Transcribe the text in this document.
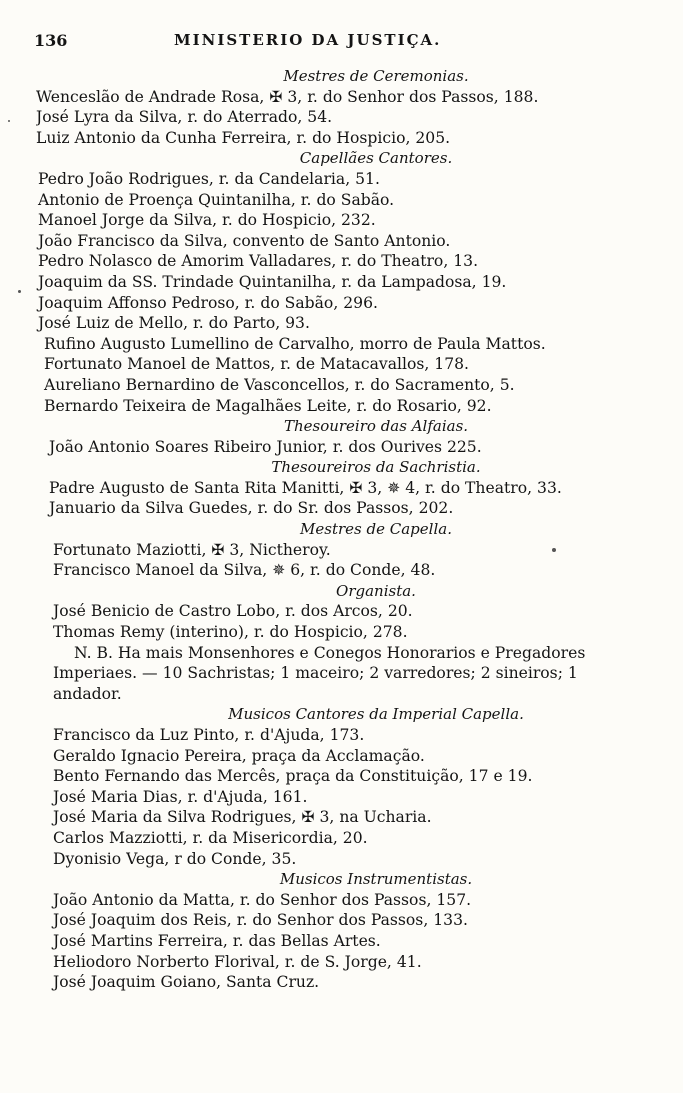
136	MINISTERIO DA JUSTIÇA.
Mestres de Ceremonias.
Wenceslão de Andrade Rosa, ✠ 3, r. do Senhor dos Passos, 188.
José Lyra da Silva, r. do Aterrado, 54.
Luiz Antonio da Cunha Ferreira, r. do Hospicio, 205.
Capellães Cantores.
Pedro João Rodrigues, r. da Candelaria, 51.
Antonio de Proença Quintanilha, r. do Sabão.
Manoel Jorge da Silva, r. do Hospicio, 232.
João Francisco da Silva, convento de Santo Antonio.
Pedro Nolasco de Amorim Valladares, r. do Theatro, 13.
Joaquim da SS. Trindade Quintanilha, r. da Lampadosa, 19.
Joaquim Affonso Pedroso, r. do Sabão, 296.
José Luiz de Mello, r. do Parto, 93.
Rufino Augusto Lumellino de Carvalho, morro de Paula Mattos.
Fortunato Manoel de Mattos, r. de Matacavallos, 178.
Aureliano Bernardino de Vasconcellos, r. do Sacramento, 5.
Bernardo Teixeira de Magalhães Leite, r. do Rosario, 92.
Thesoureiro das Alfaias.
João Antonio Soares Ribeiro Junior, r. dos Ourives 225.
Thesoureiros da Sachristia.
Padre Augusto de Santa Rita Manitti, ✠ 3, ✵ 4, r. do Theatro, 33.
Januario da Silva Guedes, r. do Sr. dos Passos, 202.
Mestres de Capella.
Fortunato Maziotti, ✠ 3, Nictheroy.
Francisco Manoel da Silva, ✵ 6, r. do Conde, 48.
Organista.
José Benicio de Castro Lobo, r. dos Arcos, 20.
Thomas Remy (interino), r. do Hospicio, 278.
N. B. Ha mais Monsenhores e Conegos Honorarios e Pregadores
Imperiaes. — 10 Sachristas; 1 maceiro; 2 varredores; 2 sineiros; 1
andador.
Musicos Cantores da Imperial Capella.
Francisco da Luz Pinto, r. d'Ajuda, 173.
Geraldo Ignacio Pereira, praça da Acclamação.
Bento Fernando das Mercês, praça da Constituição, 17 e 19.
José Maria Dias, r. d'Ajuda, 161.
José Maria da Silva Rodrigues, ✠ 3, na Ucharia.
Carlos Mazziotti, r. da Misericordia, 20.
Dyonisio Vega, r do Conde, 35.
Musicos Instrumentistas.
João Antonio da Matta, r. do Senhor dos Passos, 157.
José Joaquim dos Reis, r. do Senhor dos Passos, 133.
José Martins Ferreira, r. das Bellas Artes.
Heliodoro Norberto Florival, r. de S. Jorge, 41.
José Joaquim Goiano, Santa Cruz.
